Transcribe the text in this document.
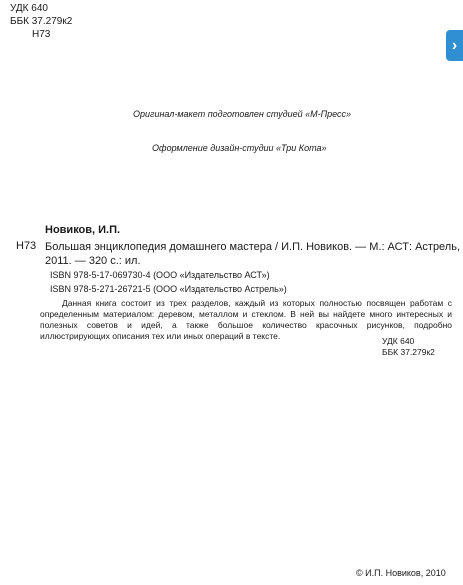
УДК 640
ББК 37.279к2
Н73
›
Оригинал-макет подготовлен студией «М-Пресс»
Оформление дизайн-студии «Три Кота»
Новиков, И.П.
Н73 Большая энциклопедия домашнего мастера / И.П. Новиков. — М.: АСТ: Астрель,
2011. — 320 с.: ил.
ISBN 978-5-17-069730-4 (ООО «Издательство АСТ»)
ISBN 978-5-271-26721-5 (ООО «Издательство Астрель»)
Данная книга состоит из трех разделов, каждый из которых полностью посвящен работам с определенным материалом: деревом, металлом и стеклом. В ней вы найдете много интересных и полезных советов и идей, а также большое количество красочных рисунков, подробно иллюстрирующих описания тех или иных операций в тексте.	УДК 640
ББК 37.279к2
© И.П. Новиков, 2010
